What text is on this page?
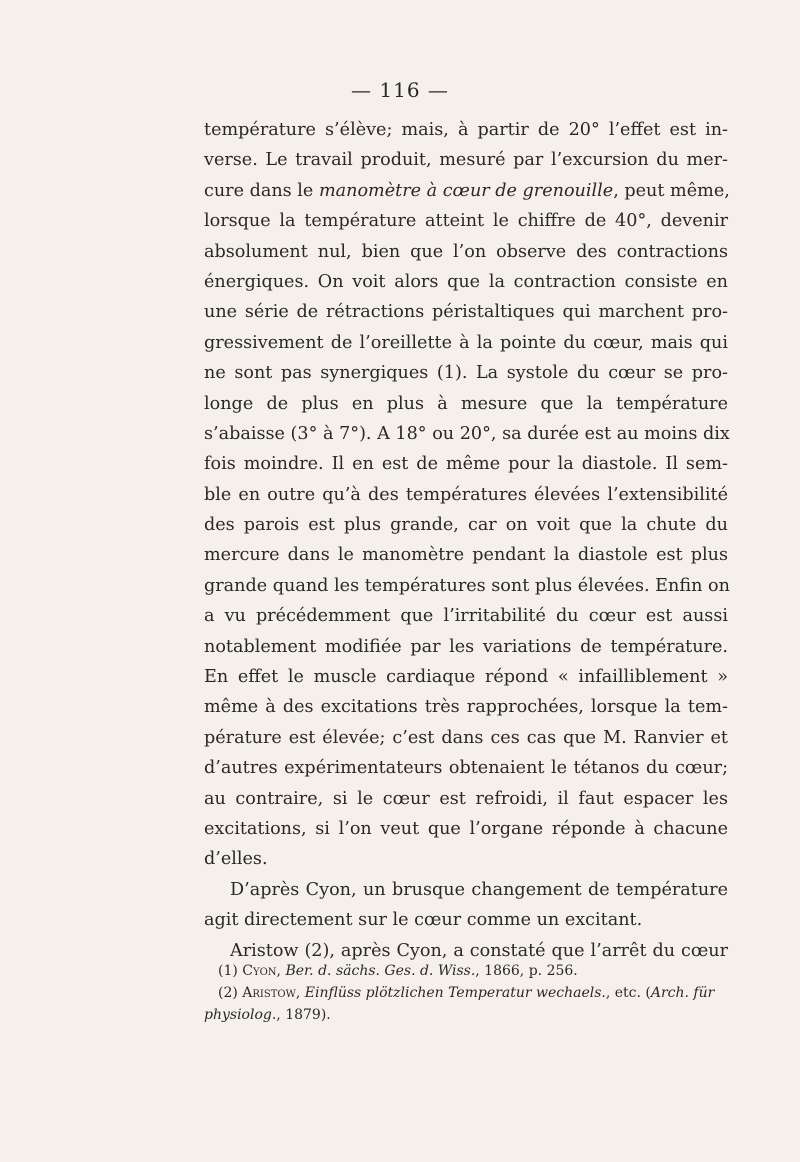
— 116 —
température s’élève; mais, à partir de 20° l’effet est in-
verse. Le travail produit, mesuré par l’excursion du mer-
cure dans le manomètre à cœur de grenouille, peut même,
lorsque la température atteint le chiffre de 40°, devenir
absolument nul, bien que l’on observe des contractions
énergiques. On voit alors que la contraction consiste en
une série de rétractions péristaltiques qui marchent pro-
gressivement de l’oreillette à la pointe du cœur, mais qui
ne sont pas synergiques (1). La systole du cœur se pro-
longe de plus en plus à mesure que la température
s’abaisse (3° à 7°). A 18° ou 20°, sa durée est au moins dix
fois moindre. Il en est de même pour la diastole. Il sem-
ble en outre qu’à des températures élevées l’extensibilité
des parois est plus grande, car on voit que la chute du
mercure dans le manomètre pendant la diastole est plus
grande quand les températures sont plus élevées. Enfin on
a vu précédemment que l’irritabilité du cœur est aussi
notablement modifiée par les variations de température.
En effet le muscle cardiaque répond « infailliblement »
même à des excitations très rapprochées, lorsque la tem-
pérature est élevée; c’est dans ces cas que M. Ranvier et
d’autres expérimentateurs obtenaient le tétanos du cœur;
au contraire, si le cœur est refroidi, il faut espacer les
excitations, si l’on veut que l’organe réponde à chacune
d’elles.
D’après Cyon, un brusque changement de température
agit directement sur le cœur comme un excitant.
Aristow (2), après Cyon, a constaté que l’arrêt du cœur
(1) Cyon, Ber. d. sächs. Ges. d. Wiss., 1866, p. 256.
(2) Aristow, Einflüss plötzlichen Temperatur wechaels., etc. (Arch. für
physiolog., 1879).
